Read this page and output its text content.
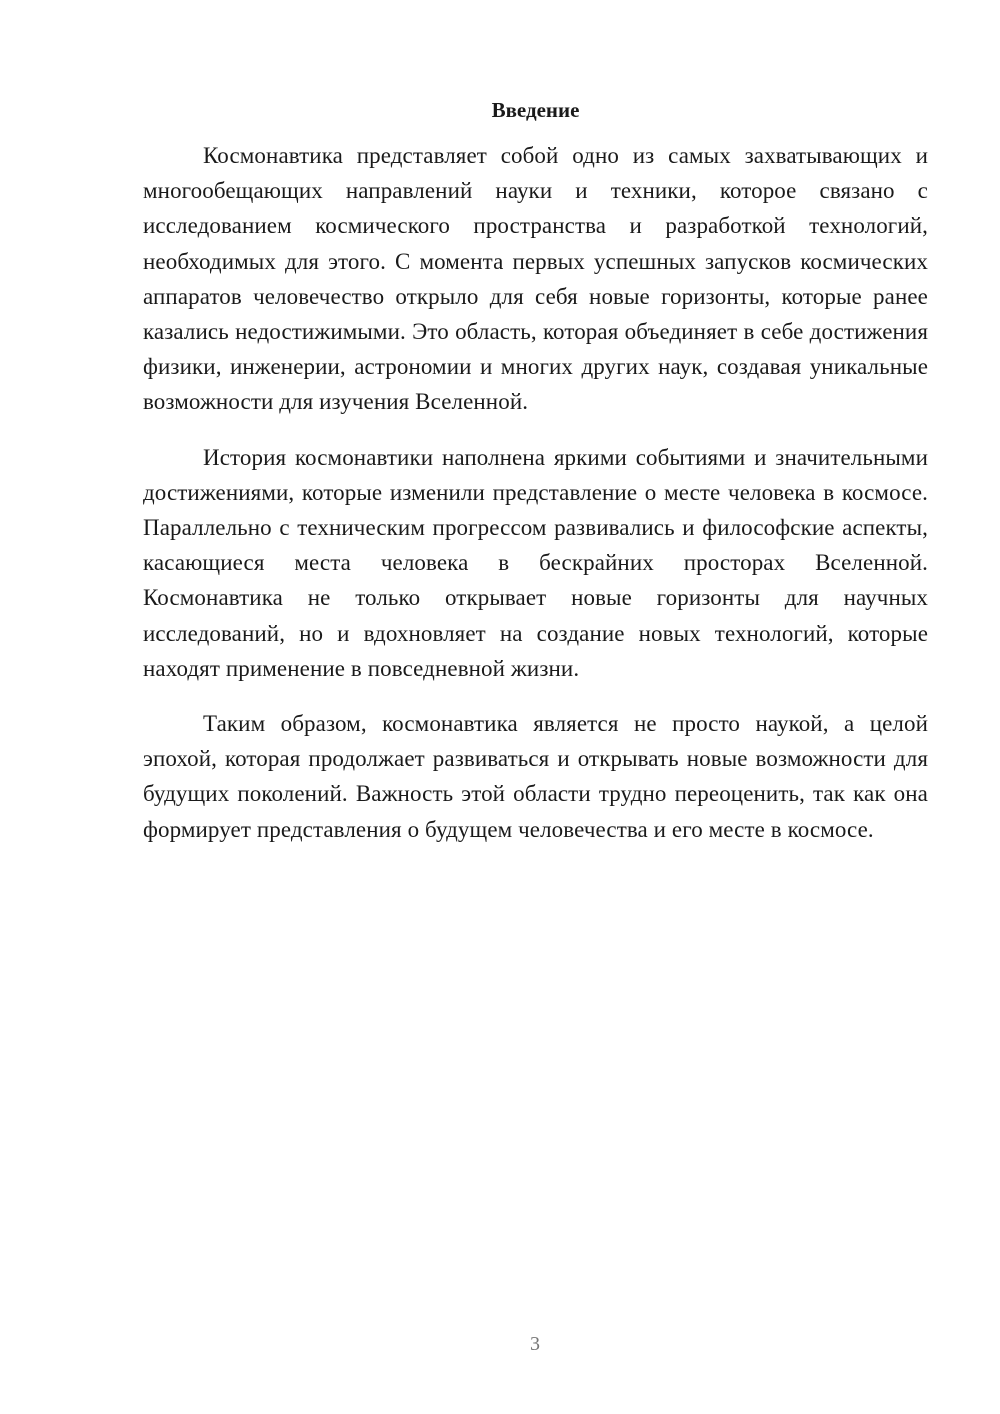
Введение

Космонавтика представляет собой одно из самых захватывающих и многообещающих направлений науки и техники, которое связано с исследованием космического пространства и разработкой технологий, необходимых для этого. С момента первых успешных запусков космических аппаратов человечество открыло для себя новые горизонты, которые ранее казались недостижимыми. Это область, которая объединяет в себе достижения физики, инженерии, астрономии и многих других наук, создавая уникальные возможности для изучения Вселенной.

История космонавтики наполнена яркими событиями и значительными достижениями, которые изменили представление о месте человека в космосе. Параллельно с техническим прогрессом развивались и философские аспекты, касающиеся места человека в бескрайних просторах Вселенной. Космонавтика не только открывает новые горизонты для научных исследований, но и вдохновляет на создание новых технологий, которые находят применение в повседневной жизни.

Таким образом, космонавтика является не просто наукой, а целой эпохой, которая продолжает развиваться и открывать новые возможности для будущих поколений. Важность этой области трудно переоценить, так как она формирует представления о будущем человечества и его месте в космосе.

3
